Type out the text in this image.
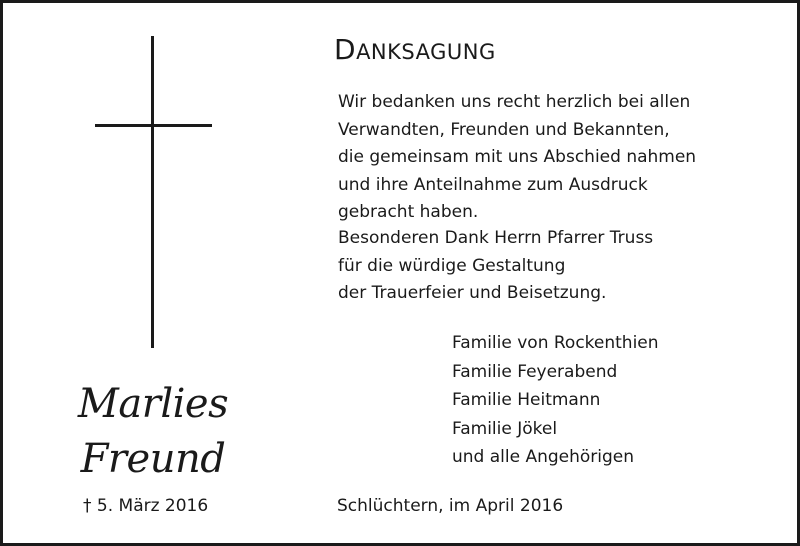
Marlies
Freund
† 5. März 2016
DANKSAGUNG
Wir bedanken uns recht herzlich bei allen
Verwandten, Freunden und Bekannten,
die gemeinsam mit uns Abschied nahmen
und ihre Anteilnahme zum Ausdruck
gebracht haben.
Besonderen Dank Herrn Pfarrer Truss
für die würdige Gestaltung
der Trauerfeier und Beisetzung.
Familie von Rockenthien
Familie Feyerabend
Familie Heitmann
Familie Jökel
und alle Angehörigen
Schlüchtern, im April 2016
